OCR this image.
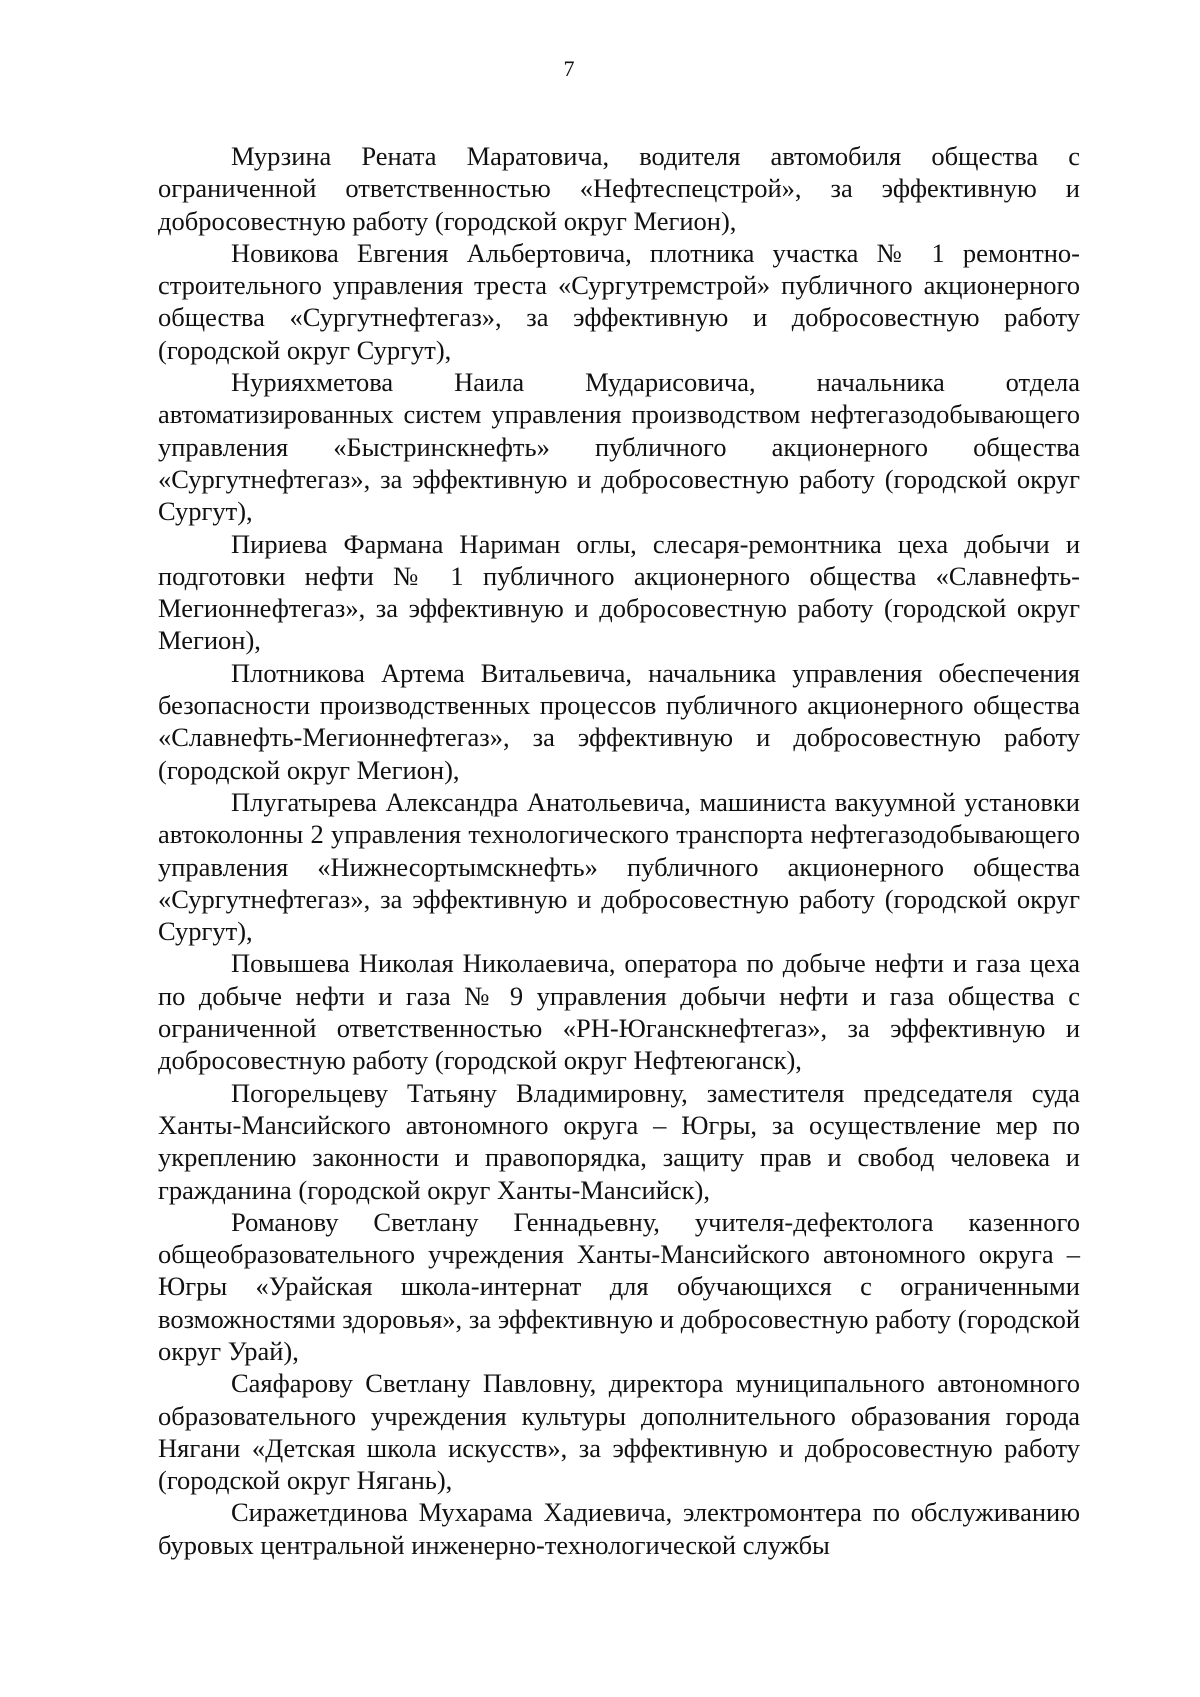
7

Мурзина Рената Маратовича, водителя автомобиля общества с ограниченной ответственностью «Нефтеспецстрой», за эффективную и добросовестную работу (городской округ Мегион),

Новикова Евгения Альбертовича, плотника участка № 1 ремонтно-строительного управления треста «Сургутремстрой» публичного акционерного общества «Сургутнефтегаз», за эффективную и добросовестную работу (городской округ Сургут),

Нурияхметова Наила Мударисовича, начальника отдела автоматизированных систем управления производством нефтегазодобывающего управления «Быстринскнефть» публичного акционерного общества «Сургутнефтегаз», за эффективную и добросовестную работу (городской округ Сургут),

Пириева Фармана Нариман оглы, слесаря-ремонтника цеха добычи и подготовки нефти № 1 публичного акционерного общества «Славнефть-Мегионнефтегаз», за эффективную и добросовестную работу (городской округ Мегион),

Плотникова Артема Витальевича, начальника управления обеспечения безопасности производственных процессов публичного акционерного общества «Славнефть-Мегионнефтегаз», за эффективную и добросовестную работу (городской округ Мегион),

Плугатырева Александра Анатольевича, машиниста вакуумной установки автоколонны 2 управления технологического транспорта нефтегазодобывающего управления «Нижнесортымскнефть» публичного акционерного общества «Сургутнефтегаз», за эффективную и добросовестную работу (городской округ Сургут),

Повышева Николая Николаевича, оператора по добыче нефти и газа цеха по добыче нефти и газа № 9 управления добычи нефти и газа общества с ограниченной ответственностью «РН-Юганскнефтегаз», за эффективную и добросовестную работу (городской округ Нефтеюганск),

Погорельцеву Татьяну Владимировну, заместителя председателя суда Ханты-Мансийского автономного округа – Югры, за осуществление мер по укреплению законности и правопорядка, защиту прав и свобод человека и гражданина (городской округ Ханты-Мансийск),

Романову Светлану Геннадьевну, учителя-дефектолога казенного общеобразовательного учреждения Ханты-Мансийского автономного округа – Югры «Урайская школа-интернат для обучающихся с ограниченными возможностями здоровья», за эффективную и добросовестную работу (городской округ Урай),

Саяфарову Светлану Павловну, директора муниципального автономного образовательного учреждения культуры дополнительного образования города Нягани «Детская школа искусств», за эффективную и добросовестную работу (городской округ Нягань),

Сиражетдинова Мухарама Хадиевича, электромонтера по обслуживанию буровых центральной инженерно-технологической службы
